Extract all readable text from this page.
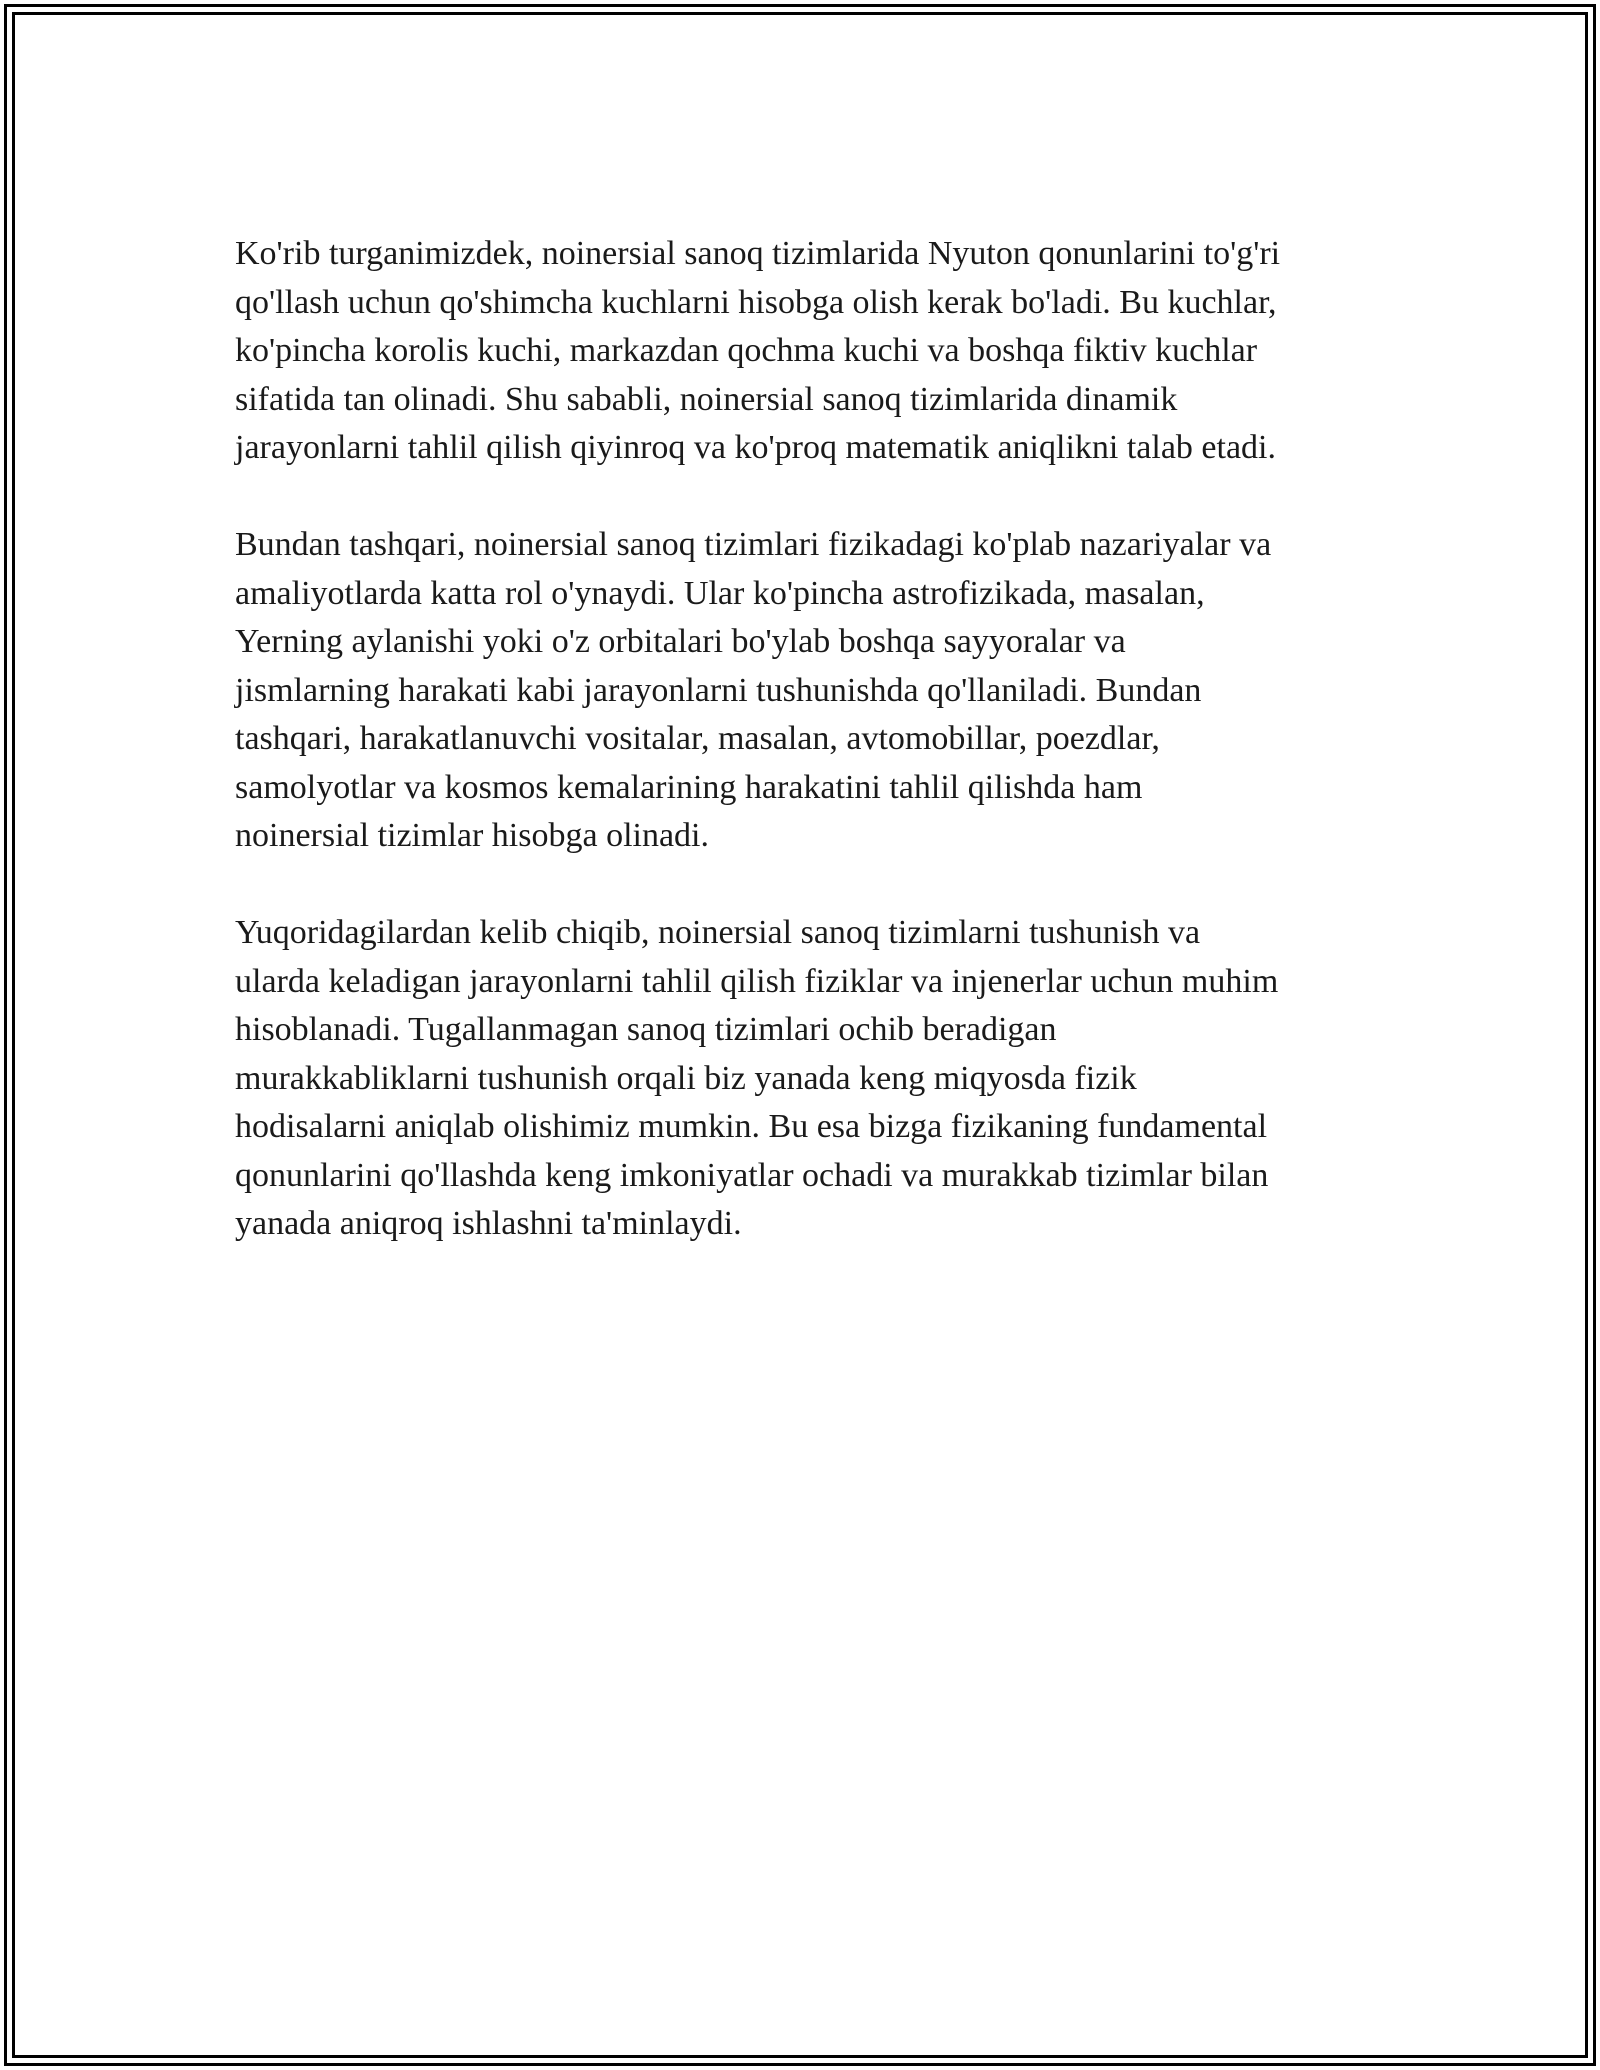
Ko'rib turganimizdek, noinersial sanoq tizimlarida Nyuton qonunlarini to'g'ri
qo'llash uchun qo'shimcha kuchlarni hisobga olish kerak bo'ladi. Bu kuchlar,
ko'pincha korolis kuchi, markazdan qochma kuchi va boshqa fiktiv kuchlar
sifatida tan olinadi. Shu sababli, noinersial sanoq tizimlarida dinamik
jarayonlarni tahlil qilish qiyinroq va ko'proq matematik aniqlikni talab etadi.

Bundan tashqari, noinersial sanoq tizimlari fizikadagi ko'plab nazariyalar va
amaliyotlarda katta rol o'ynaydi. Ular ko'pincha astrofizikada, masalan,
Yerning aylanishi yoki o'z orbitalari bo'ylab boshqa sayyoralar va
jismlarning harakati kabi jarayonlarni tushunishda qo'llaniladi. Bundan
tashqari, harakatlanuvchi vositalar, masalan, avtomobillar, poezdlar,
samolyotlar va kosmos kemalarining harakatini tahlil qilishda ham
noinersial tizimlar hisobga olinadi.

Yuqoridagilardan kelib chiqib, noinersial sanoq tizimlarni tushunish va
ularda keladigan jarayonlarni tahlil qilish fiziklar va injenerlar uchun muhim
hisoblanadi. Tugallanmagan sanoq tizimlari ochib beradigan
murakkabliklarni tushunish orqali biz yanada keng miqyosda fizik
hodisalarni aniqlab olishimiz mumkin. Bu esa bizga fizikaning fundamental
qonunlarini qo'llashda keng imkoniyatlar ochadi va murakkab tizimlar bilan
yanada aniqroq ishlashni ta'minlaydi.
